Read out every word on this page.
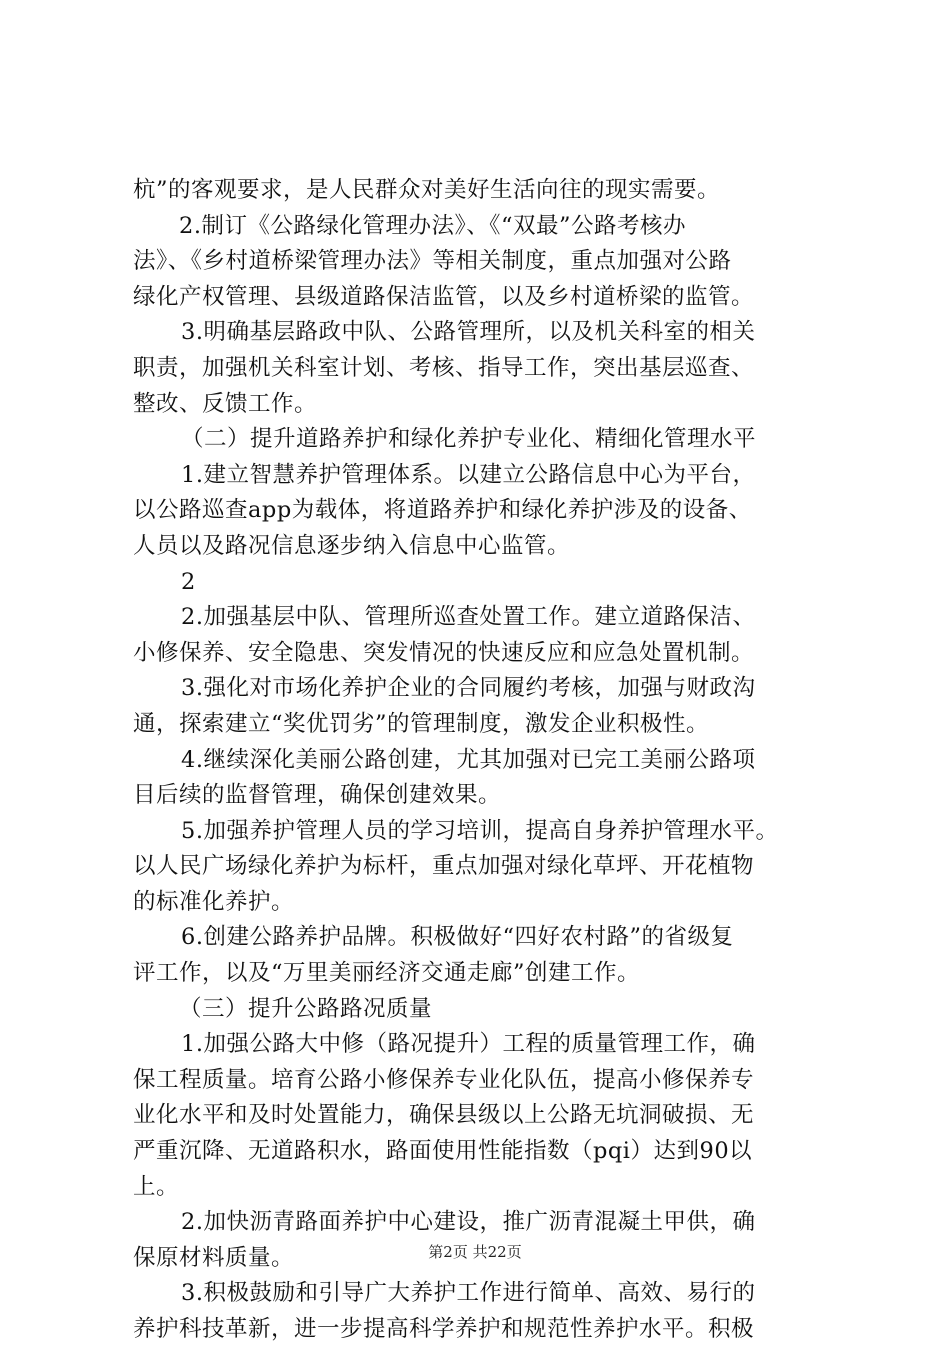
杭”的客观要求，是人民群众对美好生活向往的现实需要。
2.制订《公路绿化管理办法》、《“双最”公路考核办
法》、《乡村道桥梁管理办法》等相关制度，重点加强对公路
绿化产权管理、县级道路保洁监管，以及乡村道桥梁的监管。
3.明确基层路政中队、公路管理所，以及机关科室的相关
职责，加强机关科室计划、考核、指导工作，突出基层巡查、
整改、反馈工作。
（二）提升道路养护和绿化养护专业化、精细化管理水平
1.建立智慧养护管理体系。以建立公路信息中心为平台，
以公路巡查app为载体，将道路养护和绿化养护涉及的设备、
人员以及路况信息逐步纳入信息中心监管。
2
2.加强基层中队、管理所巡查处置工作。建立道路保洁、
小修保养、安全隐患、突发情况的快速反应和应急处置机制。
3.强化对市场化养护企业的合同履约考核，加强与财政沟
通，探索建立“奖优罚劣”的管理制度，激发企业积极性。
4.继续深化美丽公路创建，尤其加强对已完工美丽公路项
目后续的监督管理，确保创建效果。
5.加强养护管理人员的学习培训，提高自身养护管理水平。
以人民广场绿化养护为标杆，重点加强对绿化草坪、开花植物
的标准化养护。
6.创建公路养护品牌。积极做好“四好农村路”的省级复
评工作，以及“万里美丽经济交通走廊”创建工作。
（三）提升公路路况质量
1.加强公路大中修（路况提升）工程的质量管理工作，确
保工程质量。培育公路小修保养专业化队伍，提高小修保养专
业化水平和及时处置能力，确保县级以上公路无坑洞破损、无
严重沉降、无道路积水，路面使用性能指数（pqi）达到90以
上。
2.加快沥青路面养护中心建设，推广沥青混凝土甲供，确
保原材料质量。
3.积极鼓励和引导广大养护工作进行简单、高效、易行的
养护科技革新，进一步提高科学养护和规范性养护水平。积极
第2页 共22页
